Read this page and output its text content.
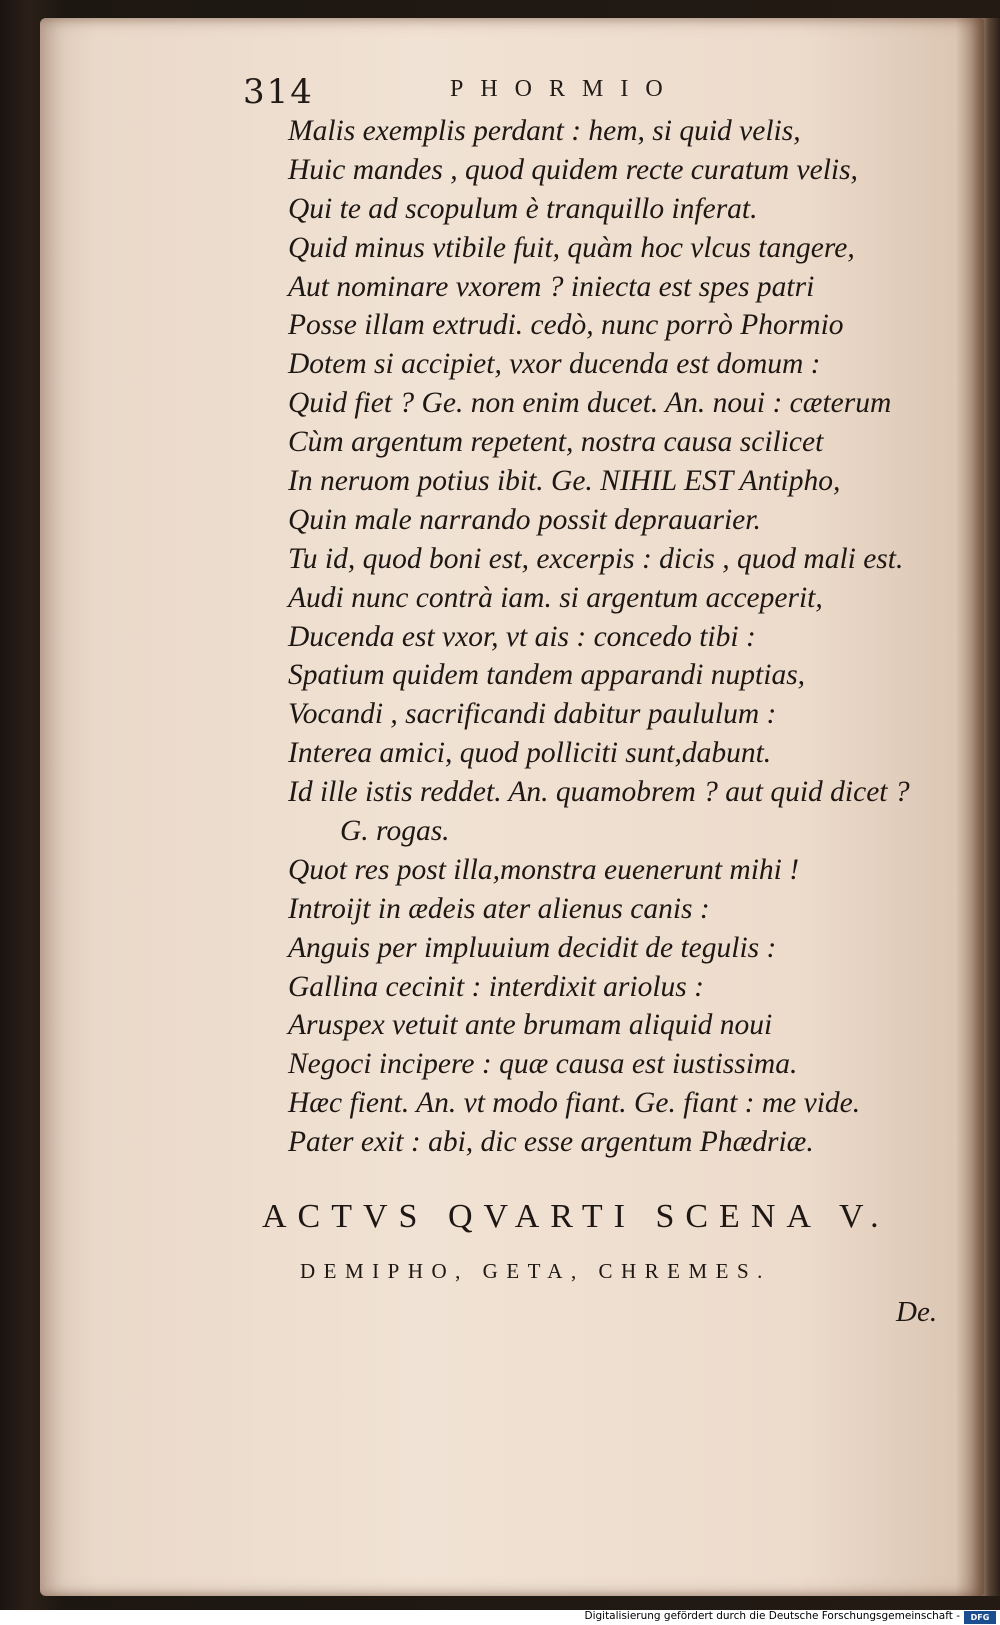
314	PHORMIO
Malis exemplis perdant : hem, si quid velis,
Huic mandes , quod quidem recte curatum velis,
Qui te ad scopulum è tranquillo inferat.
Quid minus vtibile fuit, quàm hoc vlcus tangere,
Aut nominare vxorem ? iniecta est spes patri
Posse illam extrudi. cedò, nunc porrò Phormio
Dotem si accipiet, vxor ducenda est domum :
Quid fiet ? Ge. non enim ducet. An. noui : cæterum
Cùm argentum repetent, nostra causa scilicet
In neruom potius ibit. Ge. NIHIL EST Antipho,
Quin male narrando possit deprauarier.
Tu id, quod boni est, excerpis : dicis , quod mali est.
Audi nunc contrà iam. si argentum acceperit,
Ducenda est vxor, vt ais : concedo tibi :
Spatium quidem tandem apparandi nuptias,
Vocandi , sacrificandi dabitur paululum :
Interea amici, quod polliciti sunt,dabunt.
Id ille istis reddet. An. quamobrem ? aut quid dicet ?
G. rogas.
Quot res post illa,monstra euenerunt mihi !
Introijt in ædeis ater alienus canis :
Anguis per impluuium decidit de tegulis :
Gallina cecinit : interdixit ariolus :
Aruspex vetuit ante brumam aliquid noui
Negoci incipere : quæ causa est iustissima.
Hæc fient. An. vt modo fiant. Ge. fiant : me vide.
Pater exit : abi, dic esse argentum Phædriæ.
ACTVS QVARTI SCENA V.
DEMIPHO, GETA, CHREMES.
De.
Digitalisierung gefördert durch die Deutsche Forschungsgemeinschaft -	DFG
